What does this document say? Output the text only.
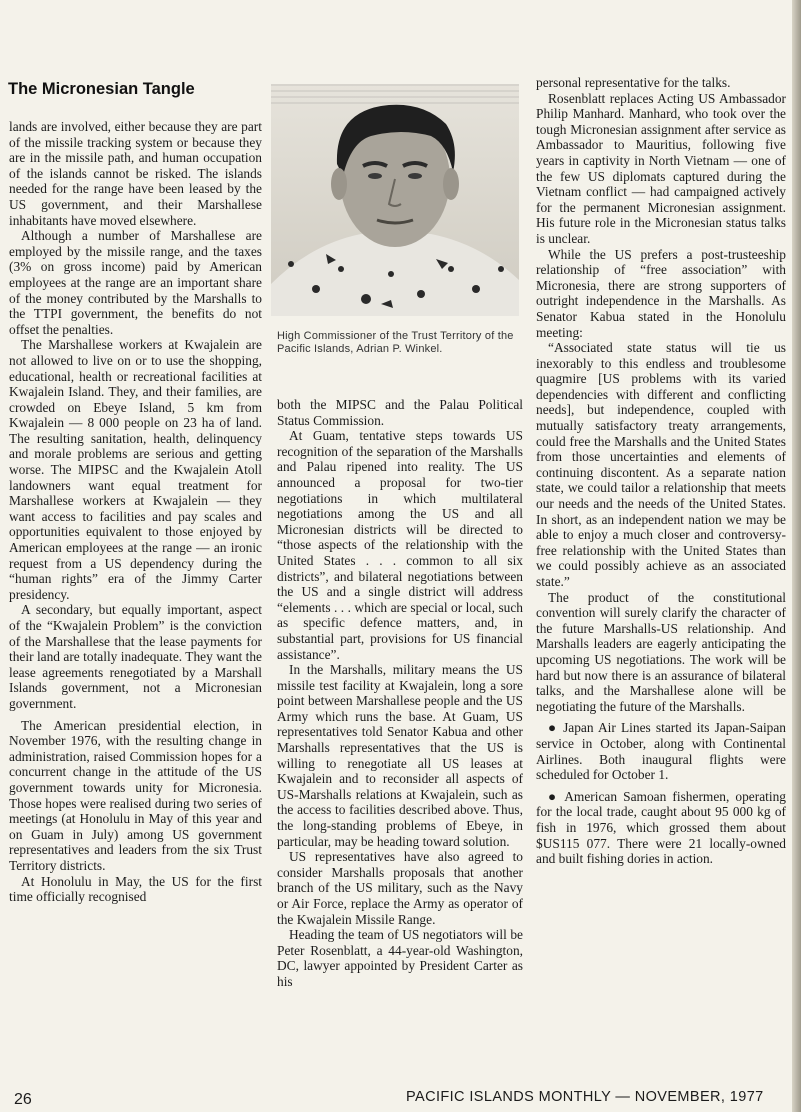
The Micronesian Tangle

lands are involved, either because they are part of the missile tracking system or because they are in the missile path, and human occupation of the islands cannot be risked. The islands needed for the range have been leased by the US government, and their Marshallese inhabitants have moved elsewhere.

Although a number of Marshallese are employed by the missile range, and the taxes (3% on gross income) paid by American employees at the range are an important share of the money contributed by the Marshalls to the TTPI government, the benefits do not offset the penalties.

The Marshallese workers at Kwajalein are not allowed to live on or to use the shopping, educational, health or recreational facilities at Kwajalein Island. They, and their families, are crowded on Ebeye Island, 5 km from Kwajalein — 8 000 people on 23 ha of land. The resulting sanitation, health, delinquency and morale problems are serious and getting worse. The MIPSC and the Kwajalein Atoll landowners want equal treatment for Marshallese workers at Kwajalein — they want access to facilities and pay scales and opportunities equivalent to those enjoyed by American employees at the range — an ironic request from a US dependency during the “human rights” era of the Jimmy Carter presidency.

A secondary, but equally important, aspect of the “Kwajalein Problem” is the conviction of the Marshallese that the lease payments for their land are totally inadequate. They want the lease agreements renegotiated by a Marshall Islands government, not a Micronesian government.

The American presidential election, in November 1976, with the resulting change in administration, raised Commission hopes for a concurrent change in the attitude of the US government towards unity for Micronesia. Those hopes were realised during two series of meetings (at Honolulu in May of this year and on Guam in July) among US government representatives and leaders from the six Trust Territory districts.

At Honolulu in May, the US for the first time officially recognised

High Commissioner of the Trust Territory of the Pacific Islands, Adrian P. Winkel.

both the MIPSC and the Palau Political Status Commission.

At Guam, tentative steps towards US recognition of the separation of the Marshalls and Palau ripened into reality. The US announced a proposal for two-tier negotiations in which multilateral negotiations among the US and all Micronesian districts will be directed to “those aspects of the relationship with the United States . . . common to all six districts”, and bilateral negotiations between the US and a single district will address “elements . . . which are special or local, such as specific defence matters, and, in substantial part, provisions for US financial assistance”.

In the Marshalls, military means the US missile test facility at Kwajalein, long a sore point between Marshallese people and the US Army which runs the base. At Guam, US representatives told Senator Kabua and other Marshalls representatives that the US is willing to renegotiate all US leases at Kwajalein and to reconsider all aspects of US-Marshalls relations at Kwajalein, such as the access to facilities described above. Thus, the long-standing problems of Ebeye, in particular, may be heading toward solution.

US representatives have also agreed to consider Marshalls proposals that another branch of the US military, such as the Navy or Air Force, replace the Army as operator of the Kwajalein Missile Range.

Heading the team of US negotiators will be Peter Rosenblatt, a 44-year-old Washington, DC, lawyer appointed by President Carter as his

personal representative for the talks.

Rosenblatt replaces Acting US Ambassador Philip Manhard. Manhard, who took over the tough Micronesian assignment after service as Ambassador to Mauritius, following five years in captivity in North Vietnam — one of the few US diplomats captured during the Vietnam conflict — had campaigned actively for the permanent Micronesian assignment. His future role in the Micronesian status talks is unclear.

While the US prefers a post-trusteeship relationship of “free association” with Micronesia, there are strong supporters of outright independence in the Marshalls. As Senator Kabua stated in the Honolulu meeting:

“Associated state status will tie us inexorably to this endless and troublesome quagmire [US problems with its varied dependencies with different and conflicting needs], but independence, coupled with mutually satisfactory treaty arrangements, could free the Marshalls and the United States from those uncertainties and elements of continuing discontent. As a separate nation state, we could tailor a relationship that meets our needs and the needs of the United States. In short, as an independent nation we may be able to enjoy a much closer and controversy-free relationship with the United States than we could possibly achieve as an associated state.”

The product of the constitutional convention will surely clarify the character of the future Marshalls-US relationship. And Marshalls leaders are eagerly anticipating the upcoming US negotiations. The work will be hard but now there is an assurance of bilateral talks, and the Marshallese alone will be negotiating the future of the Marshalls.

● Japan Air Lines started its Japan-Saipan service in October, along with Continental Airlines. Both inaugural flights were scheduled for October 1.

● American Samoan fishermen, operating for the local trade, caught about 95 000 kg of fish in 1976, which grossed them about $US115 077. There were 21 locally-owned and built fishing dories in action.

26	PACIFIC ISLANDS MONTHLY — NOVEMBER, 1977
